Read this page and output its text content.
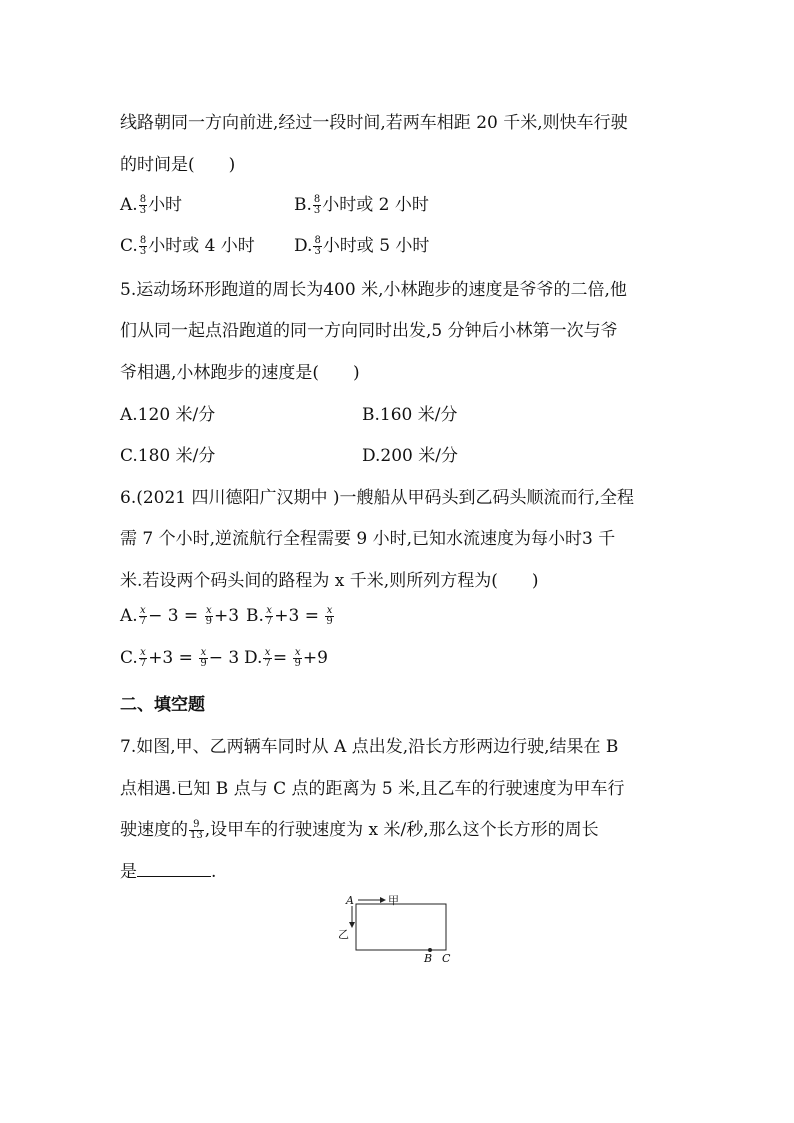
线路朝同一方向前进,经过一段时间,若两车相距 20 千米,则快车行驶
的时间是(　　)
A. $\frac{8}{3}$ 小时	B. $\frac{8}{3}$ 小时或 2 小时
C. $\frac{8}{3}$ 小时或 4 小时 D. $\frac{8}{3}$ 小时或 5 小时
5.运动场环形跑道的周长为400 米,小林跑步的速度是爷爷的二倍,他
们从同一起点沿跑道的同一方向同时出发,5 分钟后小林第一次与爷
爷相遇,小林跑步的速度是(　　)
A.120 米/分	B.160 米/分
C.180 米/分	D.200 米/分
6.(2021 四川德阳广汉期中 )一艘船从甲码头到乙码头顺流而行,全程
需 7 个小时,逆流航行全程需要 9 小时,已知水流速度为每小时3 千
米.若设两个码头间的路程为 x 千米,则所列方程为(　　)
A. $\frac{x}{7} - 3 = \frac{x}{9} +3$ B. $\frac{x}{7} +3 = \frac{x}{9}$
C. $\frac{x}{7} +3 = \frac{x}{9} - 3$ D. $\frac{x}{7} = \frac{x}{9} +9$
二、填空题
7.如图,甲、乙两辆车同时从 A 点出发,沿长方形两边行驶,结果在 B
点相遇.已知 B 点与 C 点的距离为 5 米,且乙车的行驶速度为甲车行
驶速度的 $\frac{9}{13}$ ,设甲车的行驶速度为 x 米/秒,那么这个长方形的周长
是	.
A	甲
乙
B C
